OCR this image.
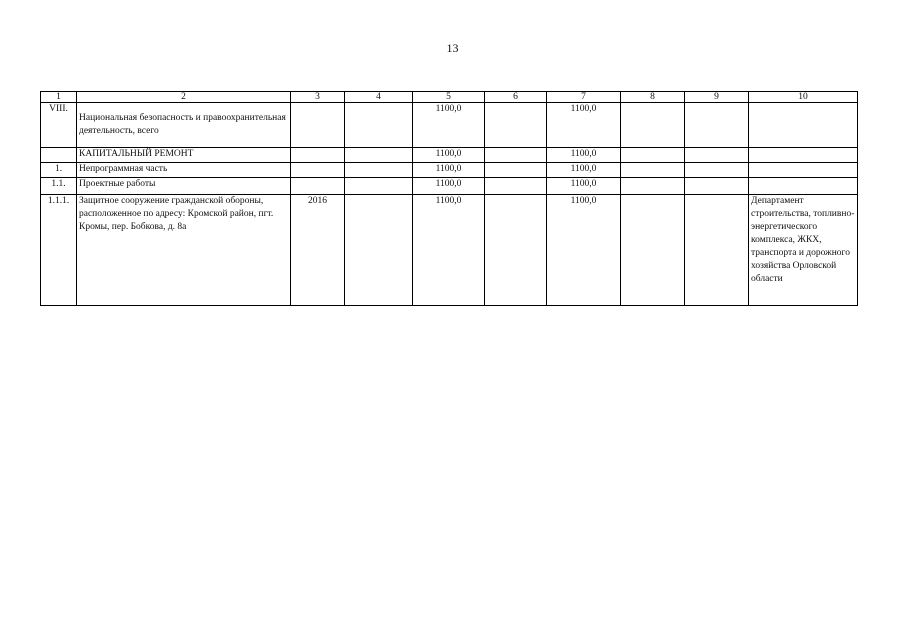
13
1	2	3	4	5	6	7	8	9	10
VIII.	Национальная безопасность и правоохранительная деятельность, всего			1100,0		1100,0			
	КАПИТАЛЬНЫЙ РЕМОНТ			1100,0		1100,0			
1.	Непрограммная часть			1100,0		1100,0			
1.1.	Проектные работы			1100,0		1100,0			
1.1.1.	Защитное сооружение гражданской обороны, расположенное по адресу: Кромской район, пгт. Кромы, пер. Бобкова, д. 8а	2016		1100,0		1100,0			Департамент строительства, топливно-энергетического комплекса, ЖКХ, транспорта и дорожного хозяйства Орловской области
